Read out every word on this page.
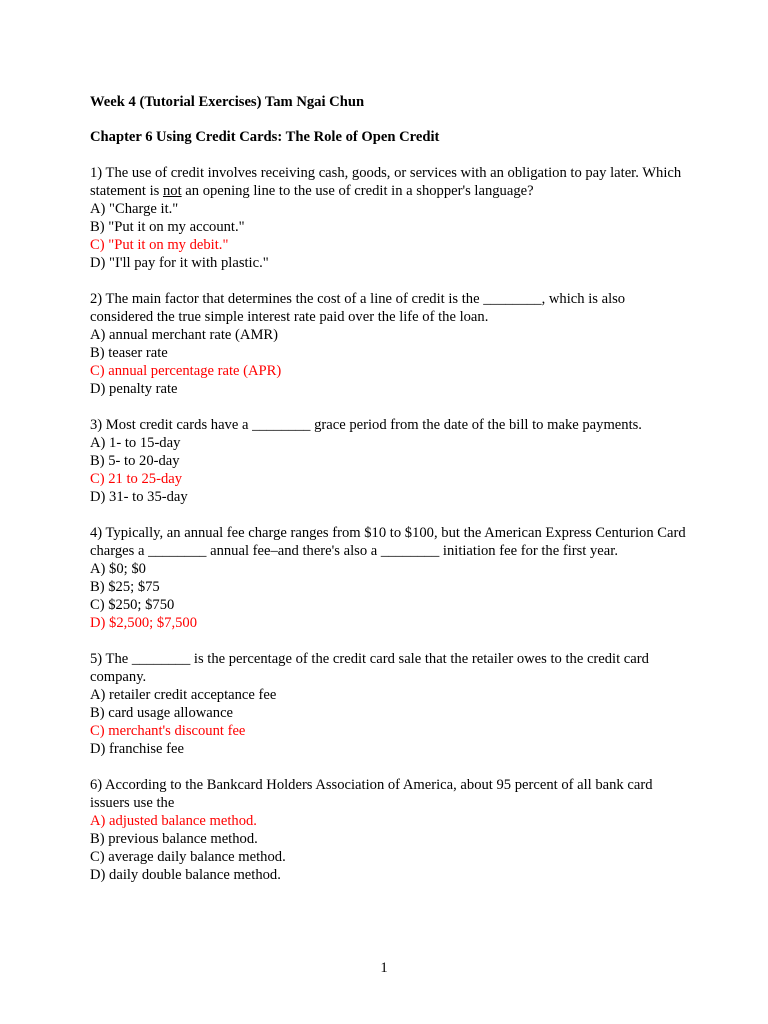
Week 4 (Tutorial Exercises) Tam Ngai Chun

Chapter 6 Using Credit Cards: The Role of Open Credit

1) The use of credit involves receiving cash, goods, or services with an obligation to pay later. Which statement is not an opening line to the use of credit in a shopper's language?
A) "Charge it."
B) "Put it on my account."
C) "Put it on my debit."
D) "I'll pay for it with plastic."
2) The main factor that determines the cost of a line of credit is the ________, which is also considered the true simple interest rate paid over the life of the loan.
A) annual merchant rate (AMR)
B) teaser rate
C) annual percentage rate (APR)
D) penalty rate
3) Most credit cards have a ________ grace period from the date of the bill to make payments.
A) 1- to 15-day
B) 5- to 20-day
C) 21 to 25-day
D) 31- to 35-day
4) Typically, an annual fee charge ranges from $10 to $100, but the American Express Centurion Card charges a ________ annual fee–and there's also a ________ initiation fee for the first year.
A) $0; $0
B) $25; $75
C) $250; $750
D) $2,500; $7,500
5) The ________ is the percentage of the credit card sale that the retailer owes to the credit card company.
A) retailer credit acceptance fee
B) card usage allowance
C) merchant's discount fee
D) franchise fee
6) According to the Bankcard Holders Association of America, about 95 percent of all bank card issuers use the
A) adjusted balance method.
B) previous balance method.
C) average daily balance method.
D) daily double balance method.
1
